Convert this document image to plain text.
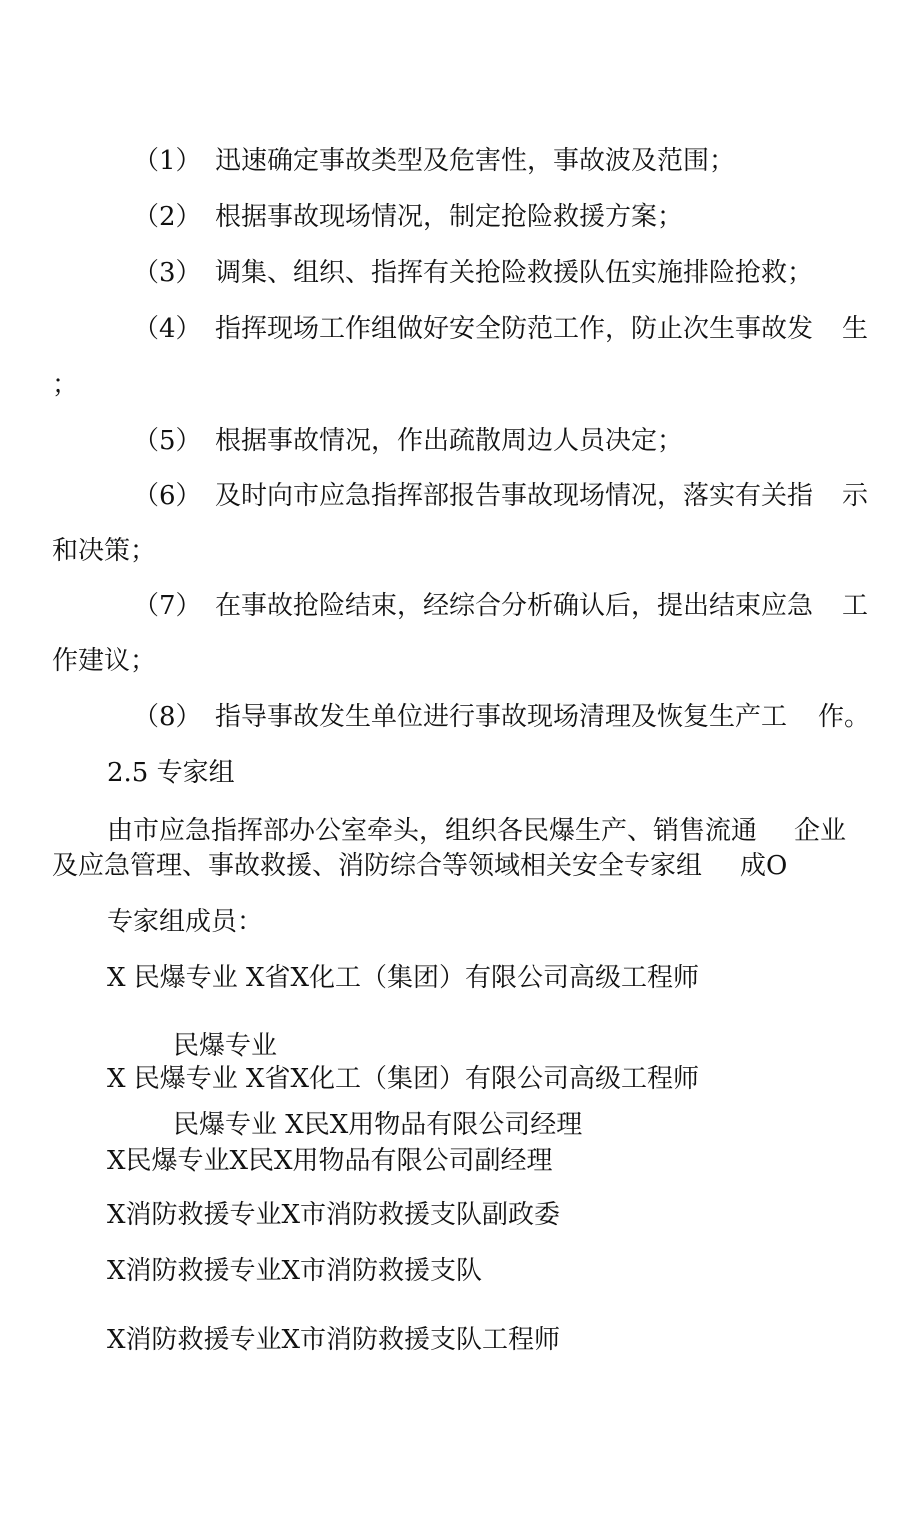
（1） 迅速确定事故类型及危害性，事故波及范围；
（2） 根据事故现场情况，制定抢险救援方案；
（3） 调集、组织、指挥有关抢险救援队伍实施排险抢救；
（4） 指挥现场工作组做好安全防范工作，防止次生事故发 生
；
（5） 根据事故情况，作出疏散周边人员决定；
（6） 及时向市应急指挥部报告事故现场情况，落实有关指 示
和决策；
（7） 在事故抢险结束，经综合分析确认后，提出结束应急 工
作建议；
（8） 指导事故发生单位进行事故现场清理及恢复生产工 作。
2.5 专家组
由市应急指挥部办公室牵头，组织各民爆生产、销售流通 企业
及应急管理、事故救援、消防综合等领域相关安全专家组 成O

专家组成员：

X 民爆专业 X省X化工（集团）有限公司高级工程师
民爆专业
X 民爆专业 X省X化工（集团）有限公司高级工程师
民爆专业 X民X用物品有限公司经理
X民爆专业X民X用物品有限公司副经理
X消防救援专业X市消防救援支队副政委
X消防救援专业X市消防救援支队
X消防救援专业X市消防救援支队工程师
